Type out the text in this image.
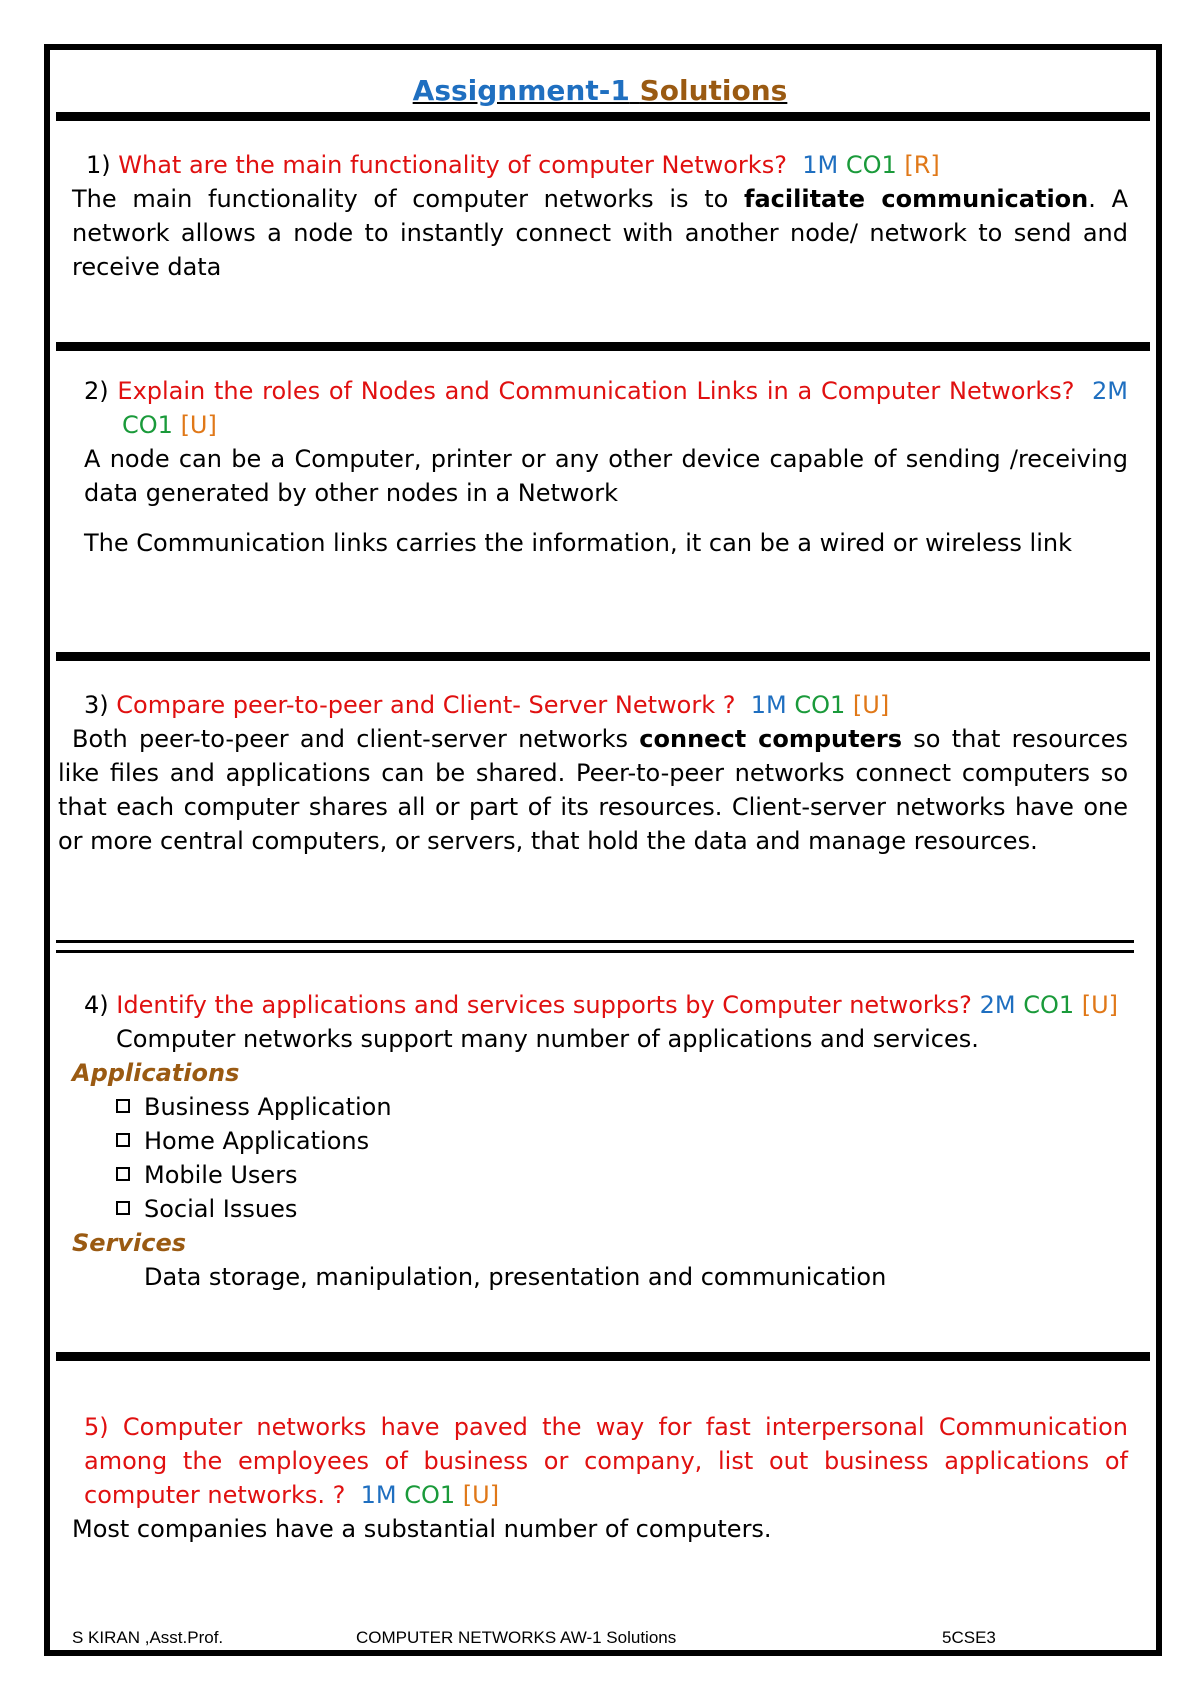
Assignment-1 Solutions
1) What are the main functionality of computer Networks? 1M CO1 [R]
The main functionality of computer networks is to facilitate communication. A network allows a node to instantly connect with another node/ network to send and receive data
2) Explain the roles of Nodes and Communication Links in a Computer Networks? 2M CO1 [U]
A node can be a Computer, printer or any other device capable of sending /receiving data generated by other nodes in a Network
The Communication links carries the information, it can be a wired or wireless link
3) Compare peer-to-peer and Client- Server Network ? 1M CO1 [U]
Both peer-to-peer and client-server networks connect computers so that resources like files and applications can be shared. Peer-to-peer networks connect computers so that each computer shares all or part of its resources. Client-server networks have one or more central computers, or servers, that hold the data and manage resources.
4) Identify the applications and services supports by Computer networks? 2M CO1 [U]
Computer networks support many number of applications and services.
Applications
Business Application
Home Applications
Mobile Users
Social Issues
Services
Data storage, manipulation, presentation and communication
5) Computer networks have paved the way for fast interpersonal Communication among the employees of business or company, list out business applications of computer networks. ? 1M CO1 [U]
Most companies have a substantial number of computers.
S KIRAN ,Asst.Prof.	COMPUTER NETWORKS AW-1 Solutions	5CSE3
